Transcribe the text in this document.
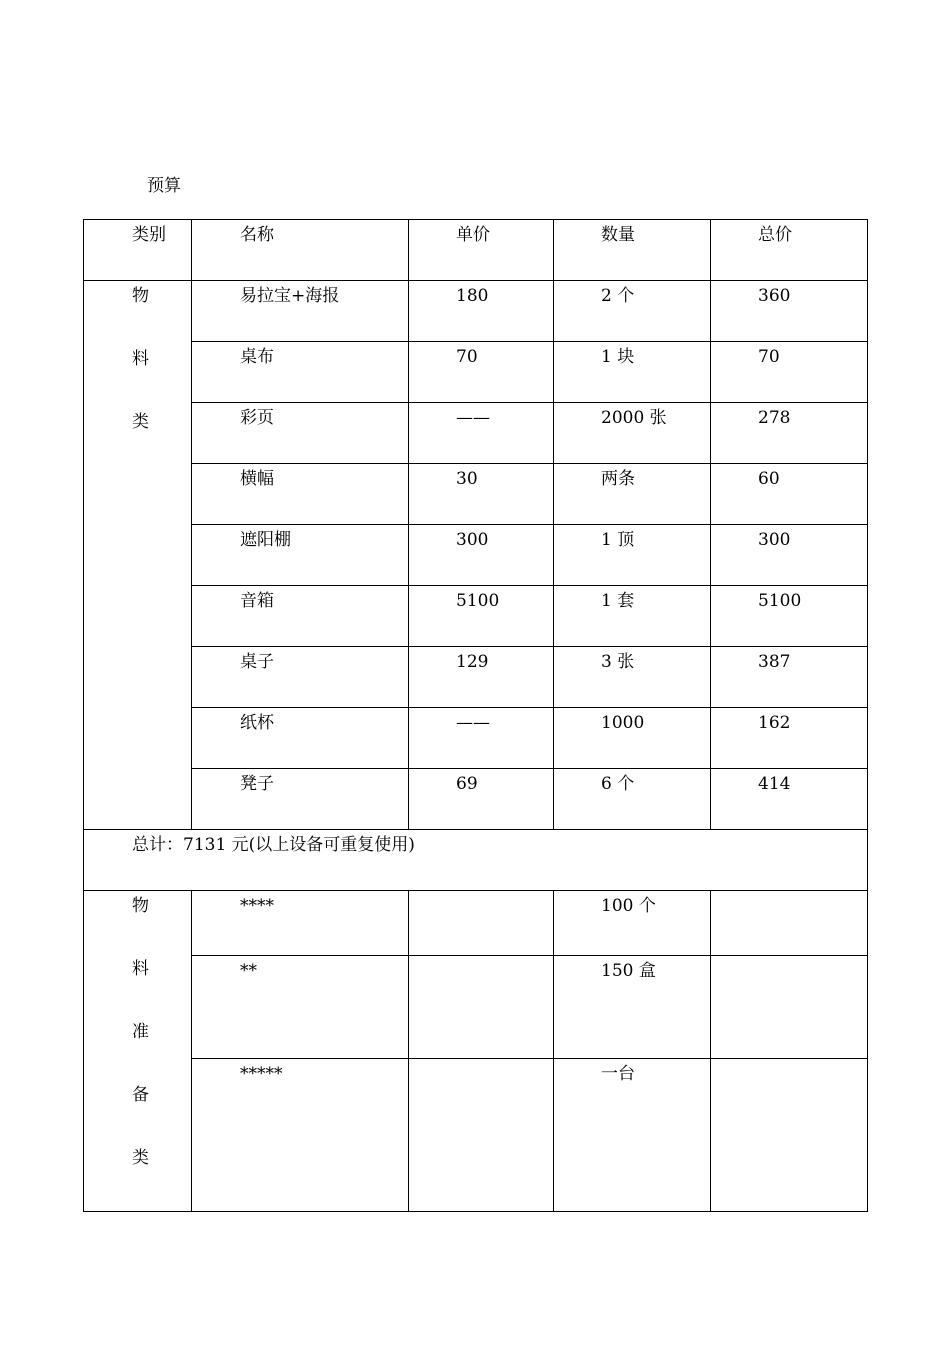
预算
类别	名称	单价	数量	总价

物
料
类	易拉宝+海报	180	2 个	360
	桌布	70	1 块	70
	彩页	——	2000 张	278
	横幅	30	两条	60
	遮阳棚	300	1 顶	300
	音箱	5100	1 套	5100
	桌子	129	3 张	387
	纸杯	——	1000	162
	凳子	69	6 个	414
总计：7131 元(以上设备可重复使用)				

物
料
准
备
类	****		100 个	
	**		150 盒	
	*****		一台	
